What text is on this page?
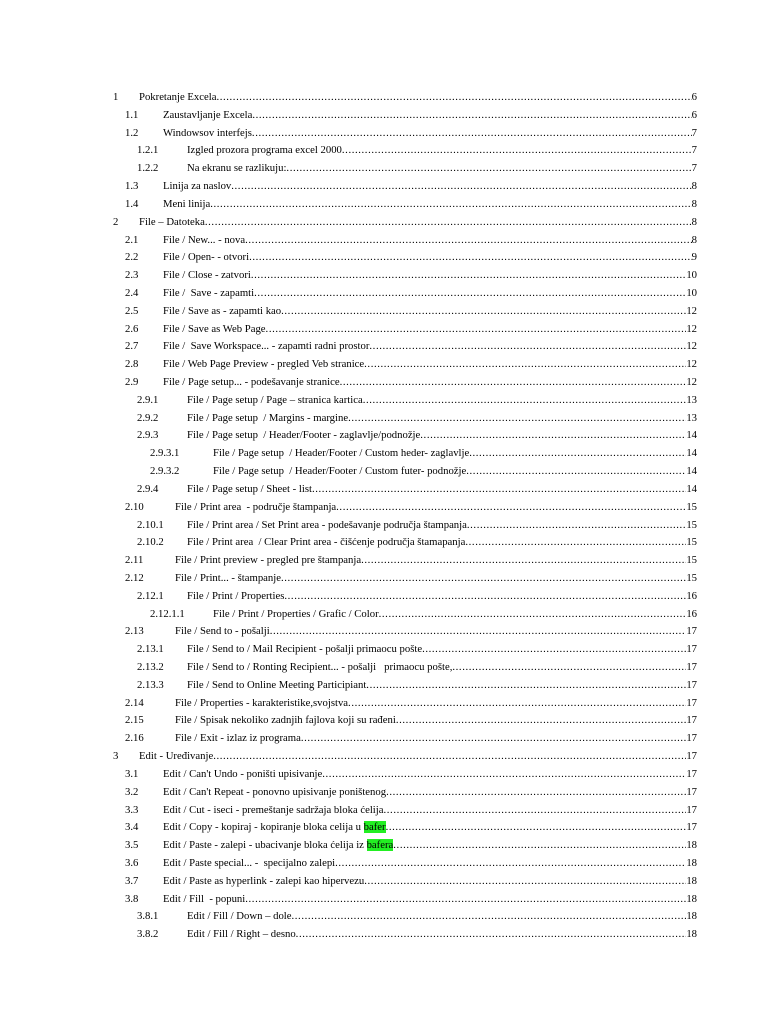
1 Pokretanje Excela .....	6
1.1 Zaustavljanje Excela .....	6
1.2 Windowsov interfejs .....	7
1.2.1	Izgled prozora programa excel 2000 .....	7
1.2.2	Na ekranu se razlikuju: .....	7
1.3 Linija za naslov .....	8
1.4 Meni linija .....	8
2 File – Datoteka .....	8
2.1 File / New... - nova .....	8
2.2 File / Open- - otvori .....	9
2.3 File / Close - zatvori .....	10
2.4 File /  Save - zapamti .....	10
2.5 File / Save as - zapamti kao .....	12
2.6 File / Save as Web Page .....	12
2.7 File /  Save Workspace... - zapamti radni prostor .....	12
2.8 File / Web Page Preview - pregled Veb stranice .....	12
2.9 File / Page setup... - podešavanje stranice .....	12
2.9.1	File / Page setup / Page – stranica kartica .....	13
2.9.2	File / Page setup  / Margins - margine .....	13
2.9.3	File / Page setup  / Header/Footer - zaglavlje/podnožje .....	14
2.9.3.1	File / Page setup  / Header/Footer / Custom heder- zaglavlje .....	14
2.9.3.2	File / Page setup  / Header/Footer / Custom futer- podnožje .....	14
2.9.4	File / Page setup / Sheet - list .....	14
2.10	File / Print area  - područje štampanja .....	15
2.10.1 File / Print area / Set Print area - podešavanje područja štampanja .....	15
2.10.2 File / Print area  / Clear Print area - čišćenje područja štamapanja .....	15
2.11	File / Print preview - pregled pre štampanja .....	15
2.12	File / Print... - štampanje .....	15
2.12.1 File / Print / Properties .....	16
2.12.1.1	File / Print / Properties / Grafic / Color .....	16
2.13	File / Send to - pošalji .....	17
2.13.1 File / Send to / Mail Recipient - pošalji primaocu pošte .....	17
2.13.2 File / Send to / Ronting Recipient... - pošalji   primaocu pošte, .....	17
2.13.3 File / Send to Online Meeting Participiant .....	17
2.14	File / Properties - karakteristike,svojstva .....	17
2.15	File / Spisak nekoliko zadnjih fajlova koji su rađeni .....	17
2.16	File / Exit - izlaz iz programa .....	17
3 Edit - Uređivanje .....	17
3.1 Edit / Can't Undo - poništi upisivanje .....	17
3.2 Edit / Can't Repeat - ponovno upisivanje poništenog .....	17
3.3 Edit / Cut - iseci - premeštanje sadržaja bloka ćelija .....	17
3.4 Edit / Copy - kopiraj - kopiranje bloka celija u bafer .....	17
3.5 Edit / Paste - zalepi - ubacivanje bloka ćelija iz bafera .....	18
3.6 Edit / Paste special... -  specijalno zalepi .....	18
3.7 Edit / Paste as hyperlink - zalepi kao hipervezu .....	18
3.8 Edit / Fill  - popuni .....	18
3.8.1	Edit / Fill / Down – dole .....	18
3.8.2	Edit / Fill / Right – desno .....	18
